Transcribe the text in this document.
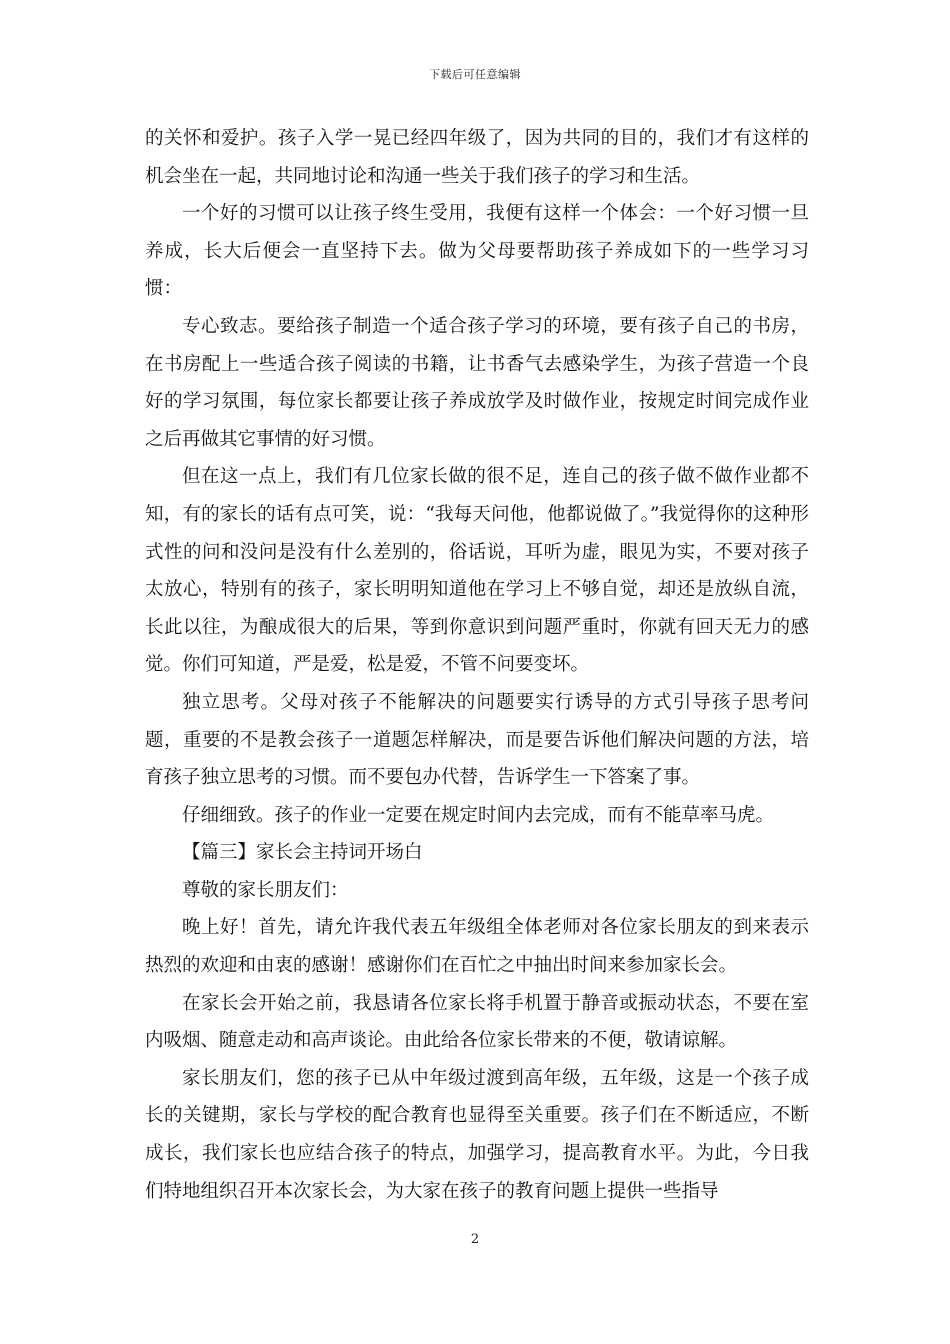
下载后可任意编辑

的关怀和爱护。孩子入学一晃已经四年级了，因为共同的目的，我们才有这样的机会坐在一起，共同地讨论和沟通一些关于我们孩子的学习和生活。

一个好的习惯可以让孩子终生受用，我便有这样一个体会：一个好习惯一旦养成，长大后便会一直坚持下去。做为父母要帮助孩子养成如下的一些学习习惯：

专心致志。要给孩子制造一个适合孩子学习的环境，要有孩子自己的书房，在书房配上一些适合孩子阅读的书籍，让书香气去感染学生，为孩子营造一个良好的学习氛围，每位家长都要让孩子养成放学及时做作业，按规定时间完成作业之后再做其它事情的好习惯。

但在这一点上，我们有几位家长做的很不足，连自己的孩子做不做作业都不知，有的家长的话有点可笑，说：“我每天问他，他都说做了。”我觉得你的这种形式性的问和没问是没有什么差别的，俗话说，耳听为虚，眼见为实，不要对孩子太放心，特别有的孩子，家长明明知道他在学习上不够自觉，却还是放纵自流，长此以往，为酿成很大的后果，等到你意识到问题严重时，你就有回天无力的感觉。你们可知道，严是爱，松是爱，不管不问要变坏。

独立思考。父母对孩子不能解决的问题要实行诱导的方式引导孩子思考问题，重要的不是教会孩子一道题怎样解决，而是要告诉他们解决问题的方法，培育孩子独立思考的习惯。而不要包办代替，告诉学生一下答案了事。

仔细细致。孩子的作业一定要在规定时间内去完成，而有不能草率马虎。

【篇三】家长会主持词开场白

尊敬的家长朋友们：

晚上好！首先，请允许我代表五年级组全体老师对各位家长朋友的到来表示热烈的欢迎和由衷的感谢！感谢你们在百忙之中抽出时间来参加家长会。

在家长会开始之前，我恳请各位家长将手机置于静音或振动状态，不要在室内吸烟、随意走动和高声谈论。由此给各位家长带来的不便，敬请谅解。

家长朋友们，您的孩子已从中年级过渡到高年级，五年级，这是一个孩子成长的关键期，家长与学校的配合教育也显得至关重要。孩子们在不断适应，不断成长，我们家长也应结合孩子的特点，加强学习，提高教育水平。为此，今日我们特地组织召开本次家长会，为大家在孩子的教育问题上提供一些指导

2
